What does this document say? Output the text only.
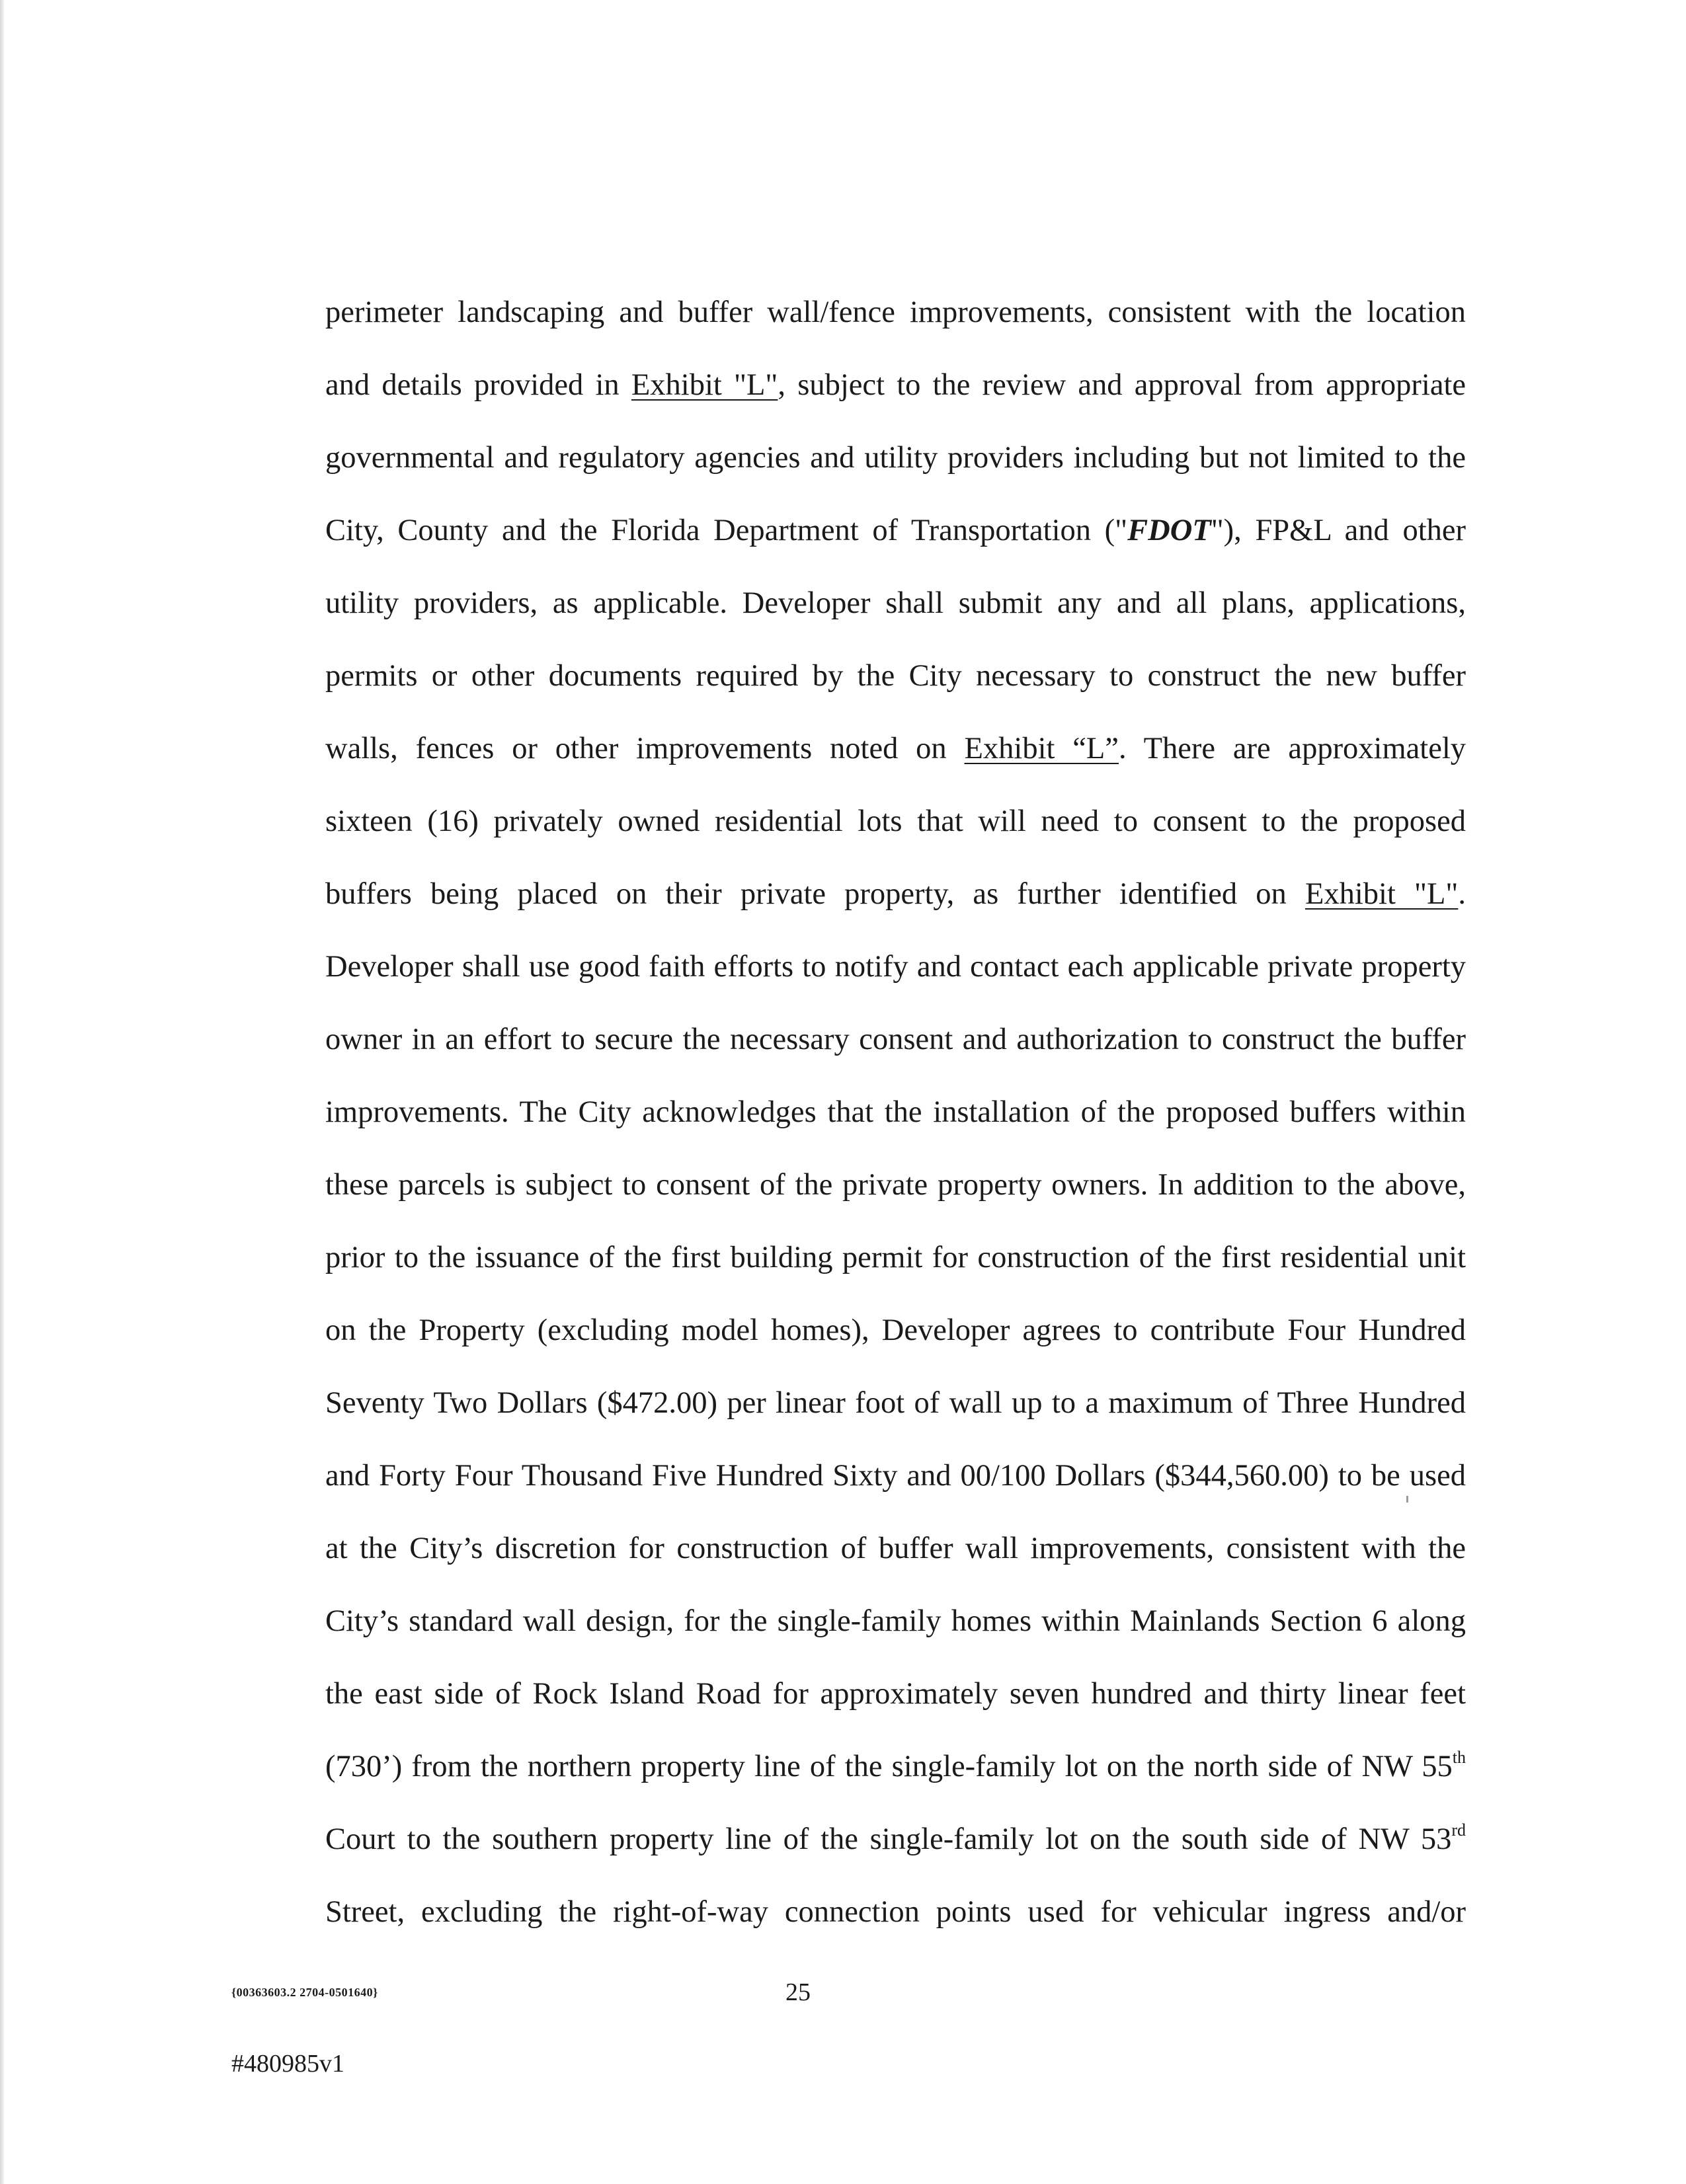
perimeter landscaping and buffer wall/fence improvements, consistent with the location
and details provided in Exhibit "L", subject to the review and approval from appropriate
governmental and regulatory agencies and utility providers including but not limited to the
City, County and the Florida Department of Transportation ("FDOT"), FP&L and other
utility providers, as applicable. Developer shall submit any and all plans, applications,
permits or other documents required by the City necessary to construct the new buffer
walls, fences or other improvements noted on Exhibit “L”. There are approximately
sixteen (16) privately owned residential lots that will need to consent to the proposed
buffers being placed on their private property, as further identified on Exhibit "L".
Developer shall use good faith efforts to notify and contact each applicable private property
owner in an effort to secure the necessary consent and authorization to construct the buffer
improvements. The City acknowledges that the installation of the proposed buffers within
these parcels is subject to consent of the private property owners. In addition to the above,
prior to the issuance of the first building permit for construction of the first residential unit
on the Property (excluding model homes), Developer agrees to contribute Four Hundred
Seventy Two Dollars ($472.00) per linear foot of wall up to a maximum of Three Hundred
and Forty Four Thousand Five Hundred Sixty and 00/100 Dollars ($344,560.00) to be used
at the City’s discretion for construction of buffer wall improvements, consistent with the
City’s standard wall design, for the single-family homes within Mainlands Section 6 along
the east side of Rock Island Road for approximately seven hundred and thirty linear feet
(730’) from the northern property line of the single-family lot on the north side of NW 55th
Court to the southern property line of the single-family lot on the south side of NW 53rd
Street, excluding the right-of-way connection points used for vehicular ingress and/or
{00363603.2 2704-0501640}	25
#480985v1
